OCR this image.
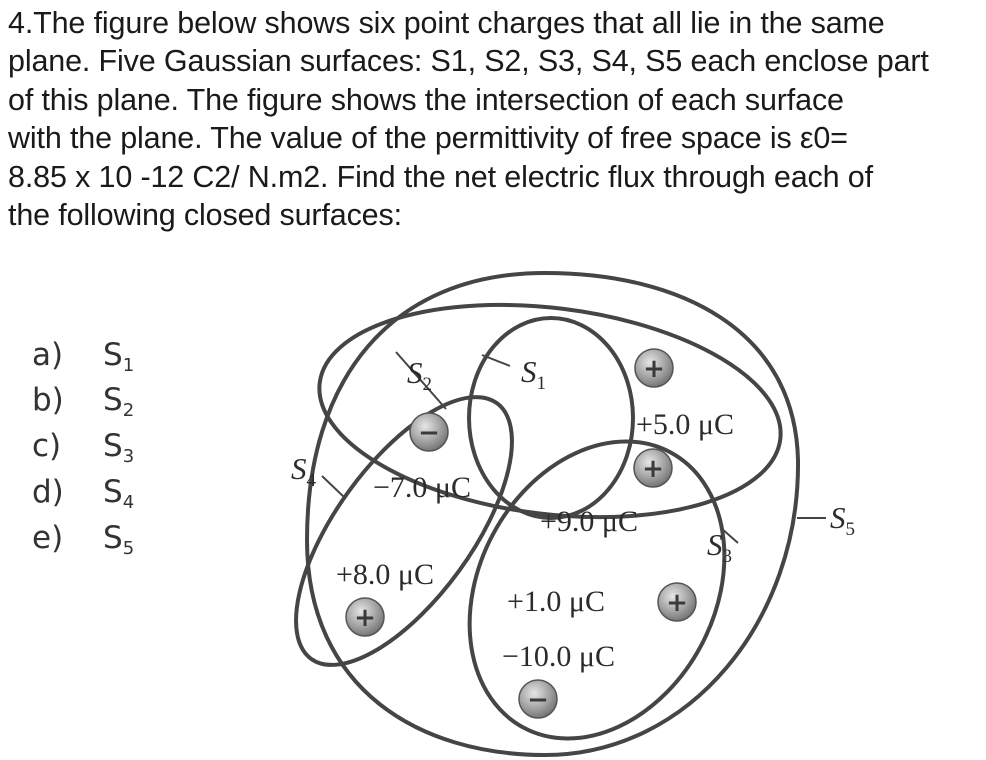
4.The figure below shows six point charges that all lie in the same
plane. Five Gaussian surfaces: S1, S2, S3, S4, S5 each enclose part
of this plane. The figure shows the intersection of each surface
with the plane. The value of the permittivity of free space is ε0=
8.85 x 10 -12 C2/ N.m2. Find the net electric flux through each of
the following closed surfaces:
a) S1
b) S2
c) S3
d) S4
e) S5
$S_2$	$S_1$
$S_4$
$S_5$
$S_3$
+
+5.0 μC
−
−7.0 μC
+
+9.0 μC
+
+8.0 μC
+
+1.0 μC
−
−10.0 μC
